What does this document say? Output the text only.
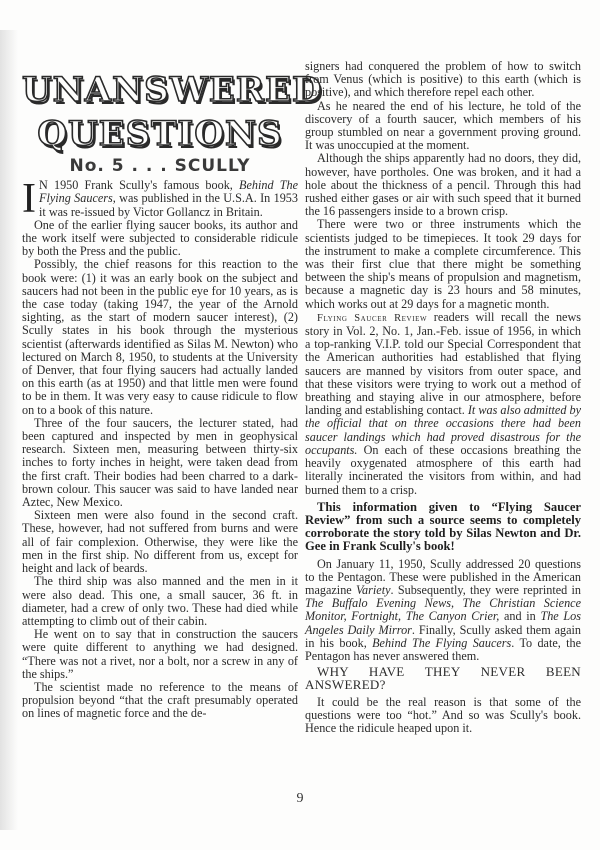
UNANSWERED
QUESTIONS
No. 5 . . . SCULLY

I N 1950 Frank Scully's famous book, Behind The Flying Saucers, was published in the U.S.A. In 1953 it was re-issued by Victor Gollancz in Britain.

One of the earlier flying saucer books, its author and the work itself were subjected to considerable ridicule by both the Press and the public.

Possibly, the chief reasons for this reaction to the book were: (1) it was an early book on the subject and saucers had not been in the public eye for 10 years, as is the case today (taking 1947, the year of the Arnold sighting, as the start of modern saucer interest), (2) Scully states in his book through the mysterious scientist (afterwards identified as Silas M. Newton) who lectured on March 8, 1950, to students at the University of Denver, that four flying saucers had actually landed on this earth (as at 1950) and that little men were found to be in them. It was very easy to cause ridicule to flow on to a book of this nature.

Three of the four saucers, the lecturer stated, had been captured and inspected by men in geophysical research. Sixteen men, measuring between thirty-six inches to forty inches in height, were taken dead from the first craft. Their bodies had been charred to a dark-brown colour. This saucer was said to have landed near Aztec, New Mexico.

Sixteen men were also found in the second craft. These, however, had not suffered from burns and were all of fair complexion. Otherwise, they were like the men in the first ship. No different from us, except for height and lack of beards.

The third ship was also manned and the men in it were also dead. This one, a small saucer, 36 ft. in diameter, had a crew of only two. These had died while attempting to climb out of their cabin.

He went on to say that in construction the saucers were quite different to anything we had designed. “There was not a rivet, nor a bolt, nor a screw in any of the ships.”

The scientist made no reference to the means of propulsion beyond “that the craft presumably operated on lines of magnetic force and the de-

signers had conquered the problem of how to switch from Venus (which is positive) to this earth (which is positive), and which therefore repel each other.

As he neared the end of his lecture, he told of the discovery of a fourth saucer, which members of his group stumbled on near a government proving ground. It was unoccupied at the moment.

Although the ships apparently had no doors, they did, however, have portholes. One was broken, and it had a hole about the thickness of a pencil. Through this had rushed either gases or air with such speed that it burned the 16 passengers inside to a brown crisp.

There were two or three instruments which the scientists judged to be timepieces. It took 29 days for the instrument to make a complete circumference. This was their first clue that there might be something between the ship's means of propulsion and magnetism, because a magnetic day is 23 hours and 58 minutes, which works out at 29 days for a magnetic month.

Flying Saucer Review readers will recall the news story in Vol. 2, No. 1, Jan.-Feb. issue of 1956, in which a top-ranking V.I.P. told our Special Correspondent that the American authorities had established that flying saucers are manned by visitors from outer space, and that these visitors were trying to work out a method of breathing and staying alive in our atmosphere, before landing and establishing contact. It was also admitted by the official that on three occasions there had been saucer landings which had proved disastrous for the occupants. On each of these occasions breathing the heavily oxygenated atmosphere of this earth had literally incinerated the visitors from within, and had burned them to a crisp.

This information given to “Flying Saucer Review” from such a source seems to completely corroborate the story told by Silas Newton and Dr. Gee in Frank Scully's book!

On January 11, 1950, Scully addressed 20 questions to the Pentagon. These were published in the American magazine Variety. Subsequently, they were reprinted in The Buffalo Evening News, The Christian Science Monitor, Fortnight, The Canyon Crier, and in The Los Angeles Daily Mirror. Finally, Scully asked them again in his book, Behind The Flying Saucers. To date, the Pentagon has never answered them.

WHY HAVE THEY NEVER BEEN

ANSWERED?

It could be the real reason is that some of the questions were too “hot.” And so was Scully's book. Hence the ridicule heaped upon it.

9
